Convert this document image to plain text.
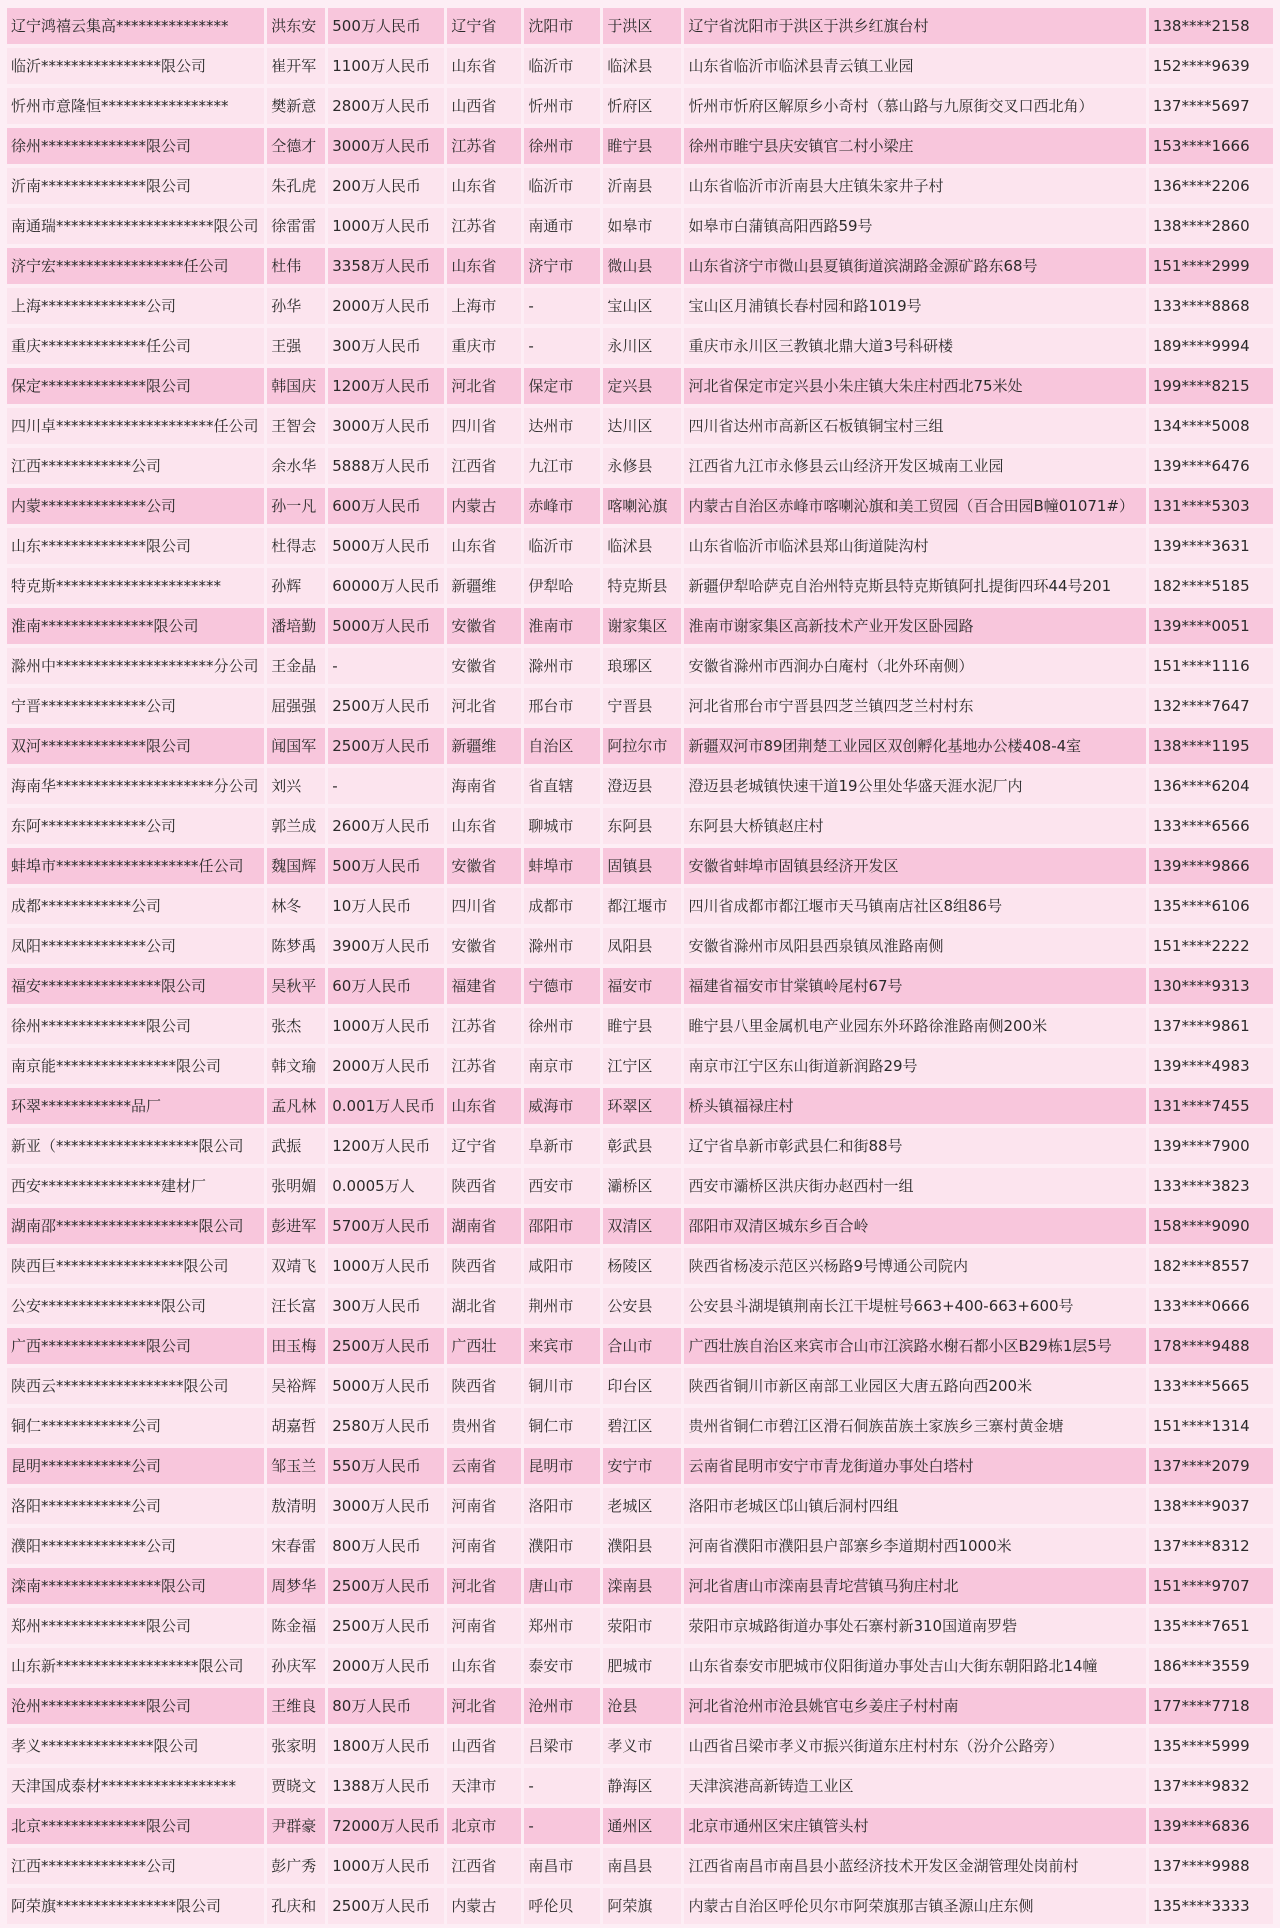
辽宁鸿禧云集高***************	洪东安	500万人民币	辽宁省	沈阳市	于洪区	辽宁省沈阳市于洪区于洪乡红旗台村	138****2158
临沂****************限公司	崔开军	1100万人民币	山东省	临沂市	临沭县	山东省临沂市临沭县青云镇工业园	152****9639
忻州市意隆恒*****************	樊新意	2800万人民币	山西省	忻州市	忻府区	忻州市忻府区解原乡小奇村（慕山路与九原街交叉口西北角）	137****5697
徐州**************限公司	仝德才	3000万人民币	江苏省	徐州市	睢宁县	徐州市睢宁县庆安镇官二村小梁庄	153****1666
沂南**************限公司	朱孔虎	200万人民币	山东省	临沂市	沂南县	山东省临沂市沂南县大庄镇朱家井子村	136****2206
南通瑞*********************限公司	徐雷雷	1000万人民币	江苏省	南通市	如皋市	如皋市白蒲镇高阳西路59号	138****2860
济宁宏*****************任公司	杜伟	3358万人民币	山东省	济宁市	微山县	山东省济宁市微山县夏镇街道滨湖路金源矿路东68号	151****2999
上海**************公司	孙华	2000万人民币	上海市	-	宝山区	宝山区月浦镇长春村园和路1019号	133****8868
重庆**************任公司	王强	300万人民币	重庆市	-	永川区	重庆市永川区三教镇北鼎大道3号科研楼	189****9994
保定**************限公司	韩国庆	1200万人民币	河北省	保定市	定兴县	河北省保定市定兴县小朱庄镇大朱庄村西北75米处	199****8215
四川卓*********************任公司	王智会	3000万人民币	四川省	达州市	达川区	四川省达州市高新区石板镇铜宝村三组	134****5008
江西************公司	余水华	5888万人民币	江西省	九江市	永修县	江西省九江市永修县云山经济开发区城南工业园	139****6476
内蒙**************公司	孙一凡	600万人民币	内蒙古	赤峰市	喀喇沁旗	内蒙古自治区赤峰市喀喇沁旗和美工贸园（百合田园B幢01071#）	131****5303
山东**************限公司	杜得志	5000万人民币	山东省	临沂市	临沭县	山东省临沂市临沭县郑山街道陡沟村	139****3631
特克斯**********************	孙辉	60000万人民币	新疆维	伊犁哈	特克斯县	新疆伊犁哈萨克自治州特克斯县特克斯镇阿扎提街四环44号201	182****5185
淮南***************限公司	潘培勤	5000万人民币	安徽省	淮南市	谢家集区	淮南市谢家集区高新技术产业开发区卧园路	139****0051
滁州中*********************分公司	王金晶	-	安徽省	滁州市	琅琊区	安徽省滁州市西涧办白庵村（北外环南侧）	151****1116
宁晋**************公司	屈强强	2500万人民币	河北省	邢台市	宁晋县	河北省邢台市宁晋县四芝兰镇四芝兰村村东	132****7647
双河**************限公司	闻国军	2500万人民币	新疆维	自治区	阿拉尔市	新疆双河市89团荆楚工业园区双创孵化基地办公楼408-4室	138****1195
海南华*********************分公司	刘兴	-	海南省	省直辖	澄迈县	澄迈县老城镇快速干道19公里处华盛天涯水泥厂内	136****6204
东阿**************公司	郭兰成	2600万人民币	山东省	聊城市	东阿县	东阿县大桥镇赵庄村	133****6566
蚌埠市*******************任公司	魏国辉	500万人民币	安徽省	蚌埠市	固镇县	安徽省蚌埠市固镇县经济开发区	139****9866
成都************公司	林冬	10万人民币	四川省	成都市	都江堰市	四川省成都市都江堰市天马镇南店社区8组86号	135****6106
凤阳**************公司	陈梦禹	3900万人民币	安徽省	滁州市	凤阳县	安徽省滁州市凤阳县西泉镇凤淮路南侧	151****2222
福安****************限公司	吴秋平	60万人民币	福建省	宁德市	福安市	福建省福安市甘棠镇岭尾村67号	130****9313
徐州**************限公司	张杰	1000万人民币	江苏省	徐州市	睢宁县	睢宁县八里金属机电产业园东外环路徐淮路南侧200米	137****9861
南京能****************限公司	韩文瑜	2000万人民币	江苏省	南京市	江宁区	南京市江宁区东山街道新润路29号	139****4983
环翠************品厂	孟凡林	0.001万人民币	山东省	威海市	环翠区	桥头镇福禄庄村	131****7455
新亚（*******************限公司	武振	1200万人民币	辽宁省	阜新市	彰武县	辽宁省阜新市彰武县仁和街88号	139****7900
西安****************建材厂	张明媚	0.0005万人	陕西省	西安市	灞桥区	西安市灞桥区洪庆街办赵西村一组	133****3823
湖南邵*******************限公司	彭进军	5700万人民币	湖南省	邵阳市	双清区	邵阳市双清区城东乡百合岭	158****9090
陕西巨*****************限公司	双靖飞	1000万人民币	陕西省	咸阳市	杨陵区	陕西省杨凌示范区兴杨路9号博通公司院内	182****8557
公安****************限公司	汪长富	300万人民币	湖北省	荆州市	公安县	公安县斗湖堤镇荆南长江干堤桩号663+400-663+600号	133****0666
广西**************限公司	田玉梅	2500万人民币	广西壮	来宾市	合山市	广西壮族自治区来宾市合山市江滨路水榭石都小区B29栋1层5号	178****9488
陕西云*****************限公司	吴裕辉	5000万人民币	陕西省	铜川市	印台区	陕西省铜川市新区南部工业园区大唐五路向西200米	133****5665
铜仁************公司	胡嘉哲	2580万人民币	贵州省	铜仁市	碧江区	贵州省铜仁市碧江区滑石侗族苗族土家族乡三寨村黄金塘	151****1314
昆明************公司	邹玉兰	550万人民币	云南省	昆明市	安宁市	云南省昆明市安宁市青龙街道办事处白塔村	137****2079
洛阳************公司	敖清明	3000万人民币	河南省	洛阳市	老城区	洛阳市老城区邙山镇后洞村四组	138****9037
濮阳**************公司	宋春雷	800万人民币	河南省	濮阳市	濮阳县	河南省濮阳市濮阳县户部寨乡李道期村西1000米	137****8312
滦南****************限公司	周梦华	2500万人民币	河北省	唐山市	滦南县	河北省唐山市滦南县青坨营镇马狗庄村北	151****9707
郑州**************限公司	陈金福	2500万人民币	河南省	郑州市	荥阳市	荥阳市京城路街道办事处石寨村新310国道南罗砦	135****7651
山东新*******************限公司	孙庆军	2000万人民币	山东省	泰安市	肥城市	山东省泰安市肥城市仪阳街道办事处吉山大街东朝阳路北14幢	186****3559
沧州**************限公司	王维良	80万人民币	河北省	沧州市	沧县	河北省沧州市沧县姚官屯乡姜庄子村村南	177****7718
孝义***************限公司	张家明	1800万人民币	山西省	吕梁市	孝义市	山西省吕梁市孝义市振兴街道东庄村村东（汾介公路旁）	135****5999
天津国成泰材******************	贾晓文	1388万人民币	天津市	-	静海区	天津滨港高新铸造工业区	137****9832
北京**************限公司	尹群豪	72000万人民币	北京市	-	通州区	北京市通州区宋庄镇管头村	139****6836
江西**************公司	彭广秀	1000万人民币	江西省	南昌市	南昌县	江西省南昌市南昌县小蓝经济技术开发区金湖管理处岗前村	137****9988
阿荣旗****************限公司	孔庆和	2500万人民币	内蒙古	呼伦贝	阿荣旗	内蒙古自治区呼伦贝尔市阿荣旗那吉镇圣源山庄东侧	135****3333
